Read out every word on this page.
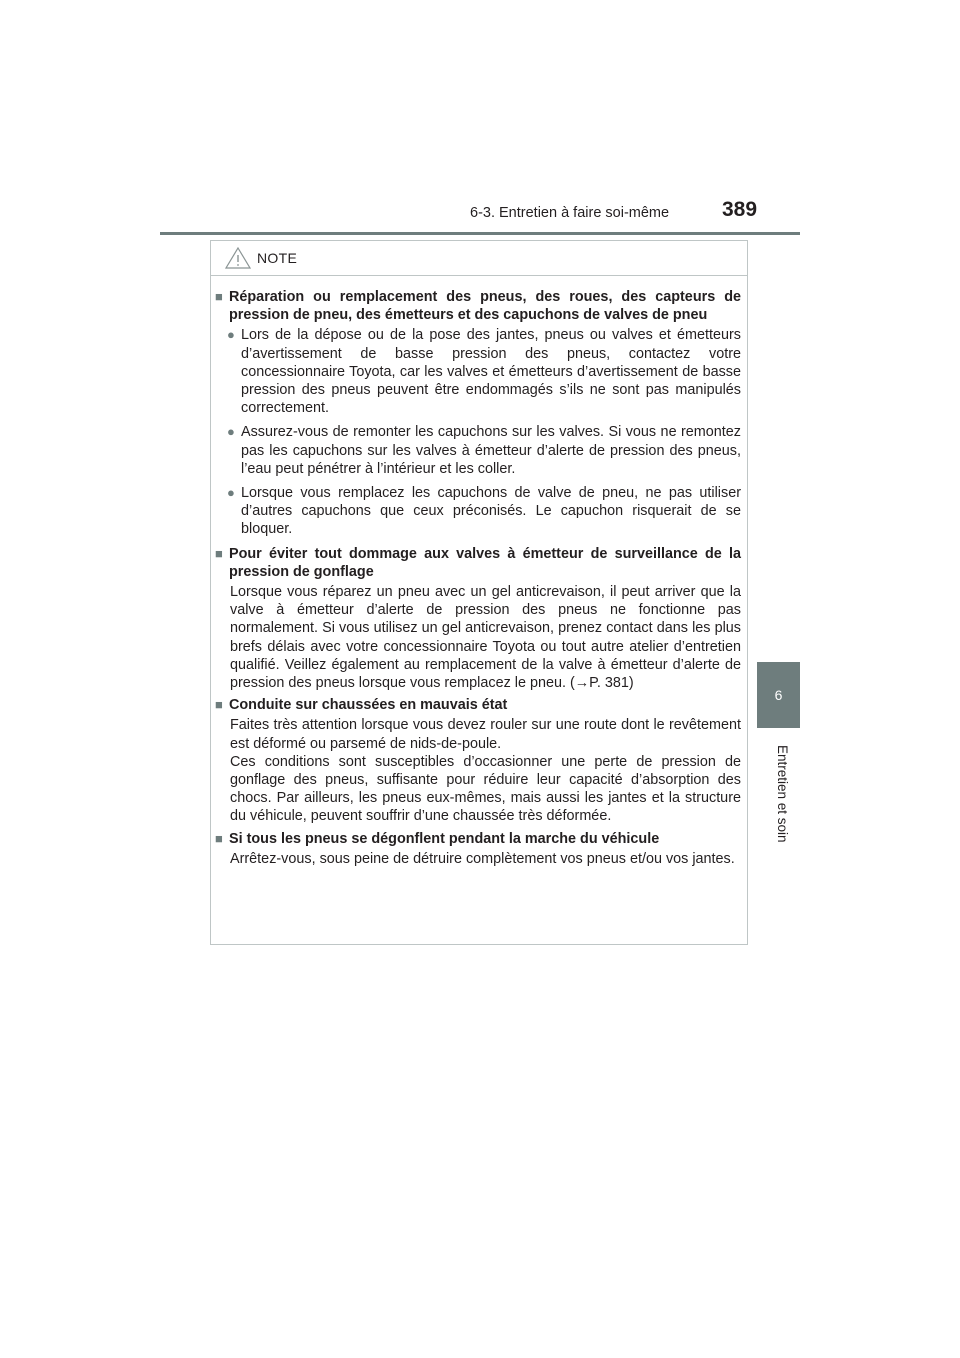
6-3. Entretien à faire soi-même	389
6
Entretien et soin
NOTE
■ Réparation ou remplacement des pneus, des roues, des capteurs de pression de pneu, des émetteurs et des capuchons de valves de pneu
● Lors de la dépose ou de la pose des jantes, pneus ou valves et émetteurs d’avertissement de basse pression des pneus, contactez votre concessionnaire Toyota, car les valves et émetteurs d’avertissement de basse pression des pneus peuvent être endommagés s’ils ne sont pas manipulés correctement.
● Assurez-vous de remonter les capuchons sur les valves. Si vous ne remontez pas les capuchons sur les valves à émetteur d’alerte de pression des pneus, l’eau peut pénétrer à l’intérieur et les coller.
● Lorsque vous remplacez les capuchons de valve de pneu, ne pas utiliser d’autres capuchons que ceux préconisés. Le capuchon risquerait de se bloquer.
■ Pour éviter tout dommage aux valves à émetteur de surveillance de la pression de gonflage
Lorsque vous réparez un pneu avec un gel anticrevaison, il peut arriver que la valve à émetteur d’alerte de pression des pneus ne fonctionne pas normalement. Si vous utilisez un gel anticrevaison, prenez contact dans les plus brefs délais avec votre concessionnaire Toyota ou tout autre atelier d’entretien qualifié. Veillez également au remplacement de la valve à émetteur d’alerte de pression des pneus lorsque vous remplacez le pneu. (→P. 381)
■ Conduite sur chaussées en mauvais état
Faites très attention lorsque vous devez rouler sur une route dont le revêtement est déformé ou parsemé de nids-de-poule.
Ces conditions sont susceptibles d’occasionner une perte de pression de gonflage des pneus, suffisante pour réduire leur capacité d’absorption des chocs. Par ailleurs, les pneus eux-mêmes, mais aussi les jantes et la structure du véhicule, peuvent souffrir d’une chaussée très déformée.
■ Si tous les pneus se dégonflent pendant la marche du véhicule
Arrêtez-vous, sous peine de détruire complètement vos pneus et/ou vos jantes.
